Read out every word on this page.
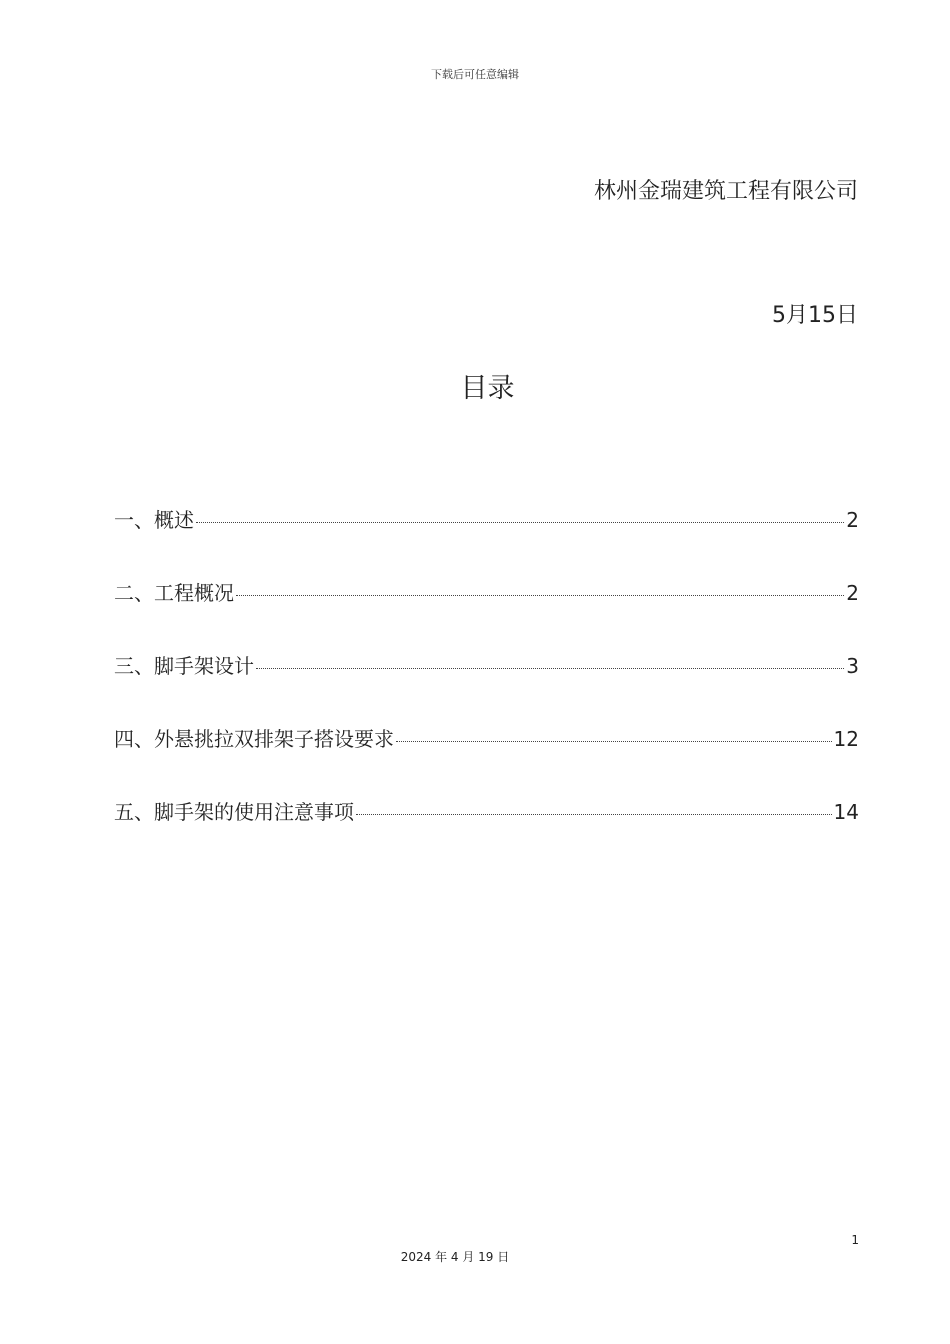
下载后可任意编辑
林州金瑞建筑工程有限公司
5月15日
目录
一、概述	2
二、工程概况	2
三、脚手架设计	3
四、外悬挑拉双排架子搭设要求	12
五、脚手架的使用注意事项	14
1
2024 年 4 月 19 日
